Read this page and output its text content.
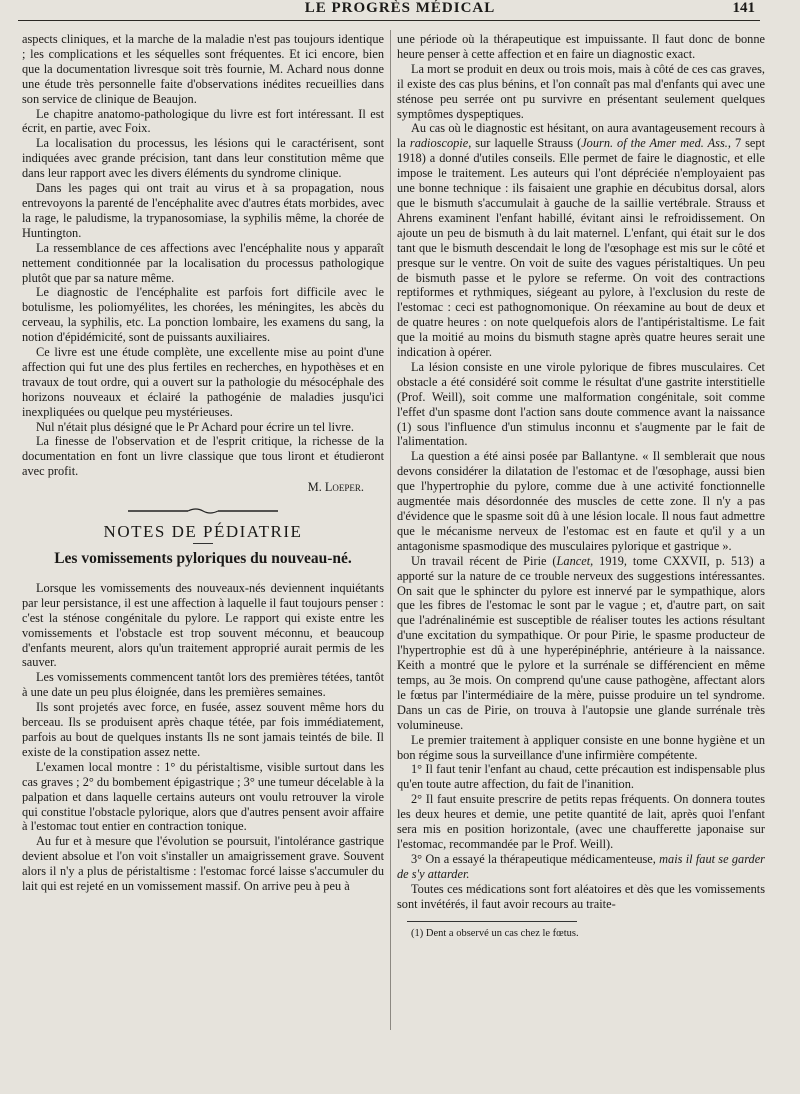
LE PROGRÈS MÉDICAL	141

aspects cliniques, et la marche de la maladie n'est pas toujours identique ; les complications et les séquelles sont fréquentes. Et ici encore, bien que la documentation livresque soit très fournie, M. Achard nous donne une étude très personnelle faite d'observations inédites recueillies dans son service de clinique de Beaujon.

Le chapitre anatomo-pathologique du livre est fort intéressant. Il est écrit, en partie, avec Foix.

La localisation du processus, les lésions qui le caractérisent, sont indiquées avec grande précision, tant dans leur constitution même que dans leur rapport avec les divers éléments du syndrome clinique.

Dans les pages qui ont trait au virus et à sa propagation, nous entrevoyons la parenté de l'encéphalite avec d'autres états morbides, avec la rage, le paludisme, la trypanosomiase, la syphilis même, la chorée de Huntington.

La ressemblance de ces affections avec l'encéphalite nous y apparaît nettement conditionnée par la localisation du processus pathologique plutôt que par sa nature même.

Le diagnostic de l'encéphalite est parfois fort difficile avec le botulisme, les poliomyélites, les chorées, les méningites, les abcès du cerveau, la syphilis, etc. La ponction lombaire, les examens du sang, la notion d'épidémicité, sont de puissants auxiliaires.

Ce livre est une étude complète, une excellente mise au point d'une affection qui fut une des plus fertiles en recherches, en hypothèses et en travaux de tout ordre, qui a ouvert sur la pathologie du mésocéphale des horizons nouveaux et éclairé la pathogénie de maladies jusqu'ici inexpliquées ou quelque peu mystérieuses.

Nul n'était plus désigné que le Pr Achard pour écrire un tel livre.

La finesse de l'observation et de l'esprit critique, la richesse de la documentation en font un livre classique que tous liront et étudieront avec profit.

M. Loeper.
NOTES DE PÉDIATRIE
Les vomissements pyloriques du nouveau-né.

Lorsque les vomissements des nouveaux-nés deviennent inquiétants par leur persistance, il est une affection à laquelle il faut toujours penser : c'est la sténose congénitale du pylore. Le rapport qui existe entre les vomissements et l'obstacle est trop souvent méconnu, et beaucoup d'enfants meurent, alors qu'un traitement approprié aurait permis de les sauver.

Les vomissements commencent tantôt lors des premières tétées, tantôt à une date un peu plus éloignée, dans les premières semaines.

Ils sont projetés avec force, en fusée, assez souvent même hors du berceau. Ils se produisent après chaque tétée, par fois immédiatement, parfois au bout de quelques instants Ils ne sont jamais teintés de bile. Il existe de la constipation assez nette.

L'examen local montre : 1° du péristaltisme, visible surtout dans les cas graves ; 2° du bombement épigastrique ; 3° une tumeur décelable à la palpation et dans laquelle certains auteurs ont voulu retrouver la virole qui constitue l'obstacle pylorique, alors que d'autres pensent avoir affaire à l'estomac tout entier en contraction tonique.

Au fur et à mesure que l'évolution se poursuit, l'intolérance gastrique devient absolue et l'on voit s'installer un amaigrissement grave. Souvent alors il n'y a plus de péristaltisme : l'estomac forcé laisse s'accumuler du lait qui est rejeté en un vomissement massif. On arrive peu à peu à

une période où la thérapeutique est impuissante. Il faut donc de bonne heure penser à cette affection et en faire un diagnostic exact.

La mort se produit en deux ou trois mois, mais à côté de ces cas graves, il existe des cas plus bénins, et l'on connaît pas mal d'enfants qui avec une sténose peu serrée ont pu survivre en présentant seulement quelques symptômes dyspeptiques.

Au cas où le diagnostic est hésitant, on aura avantageusement recours à la radioscopie, sur laquelle Strauss (Journ. of the Amer med. Ass., 7 sept 1918) a donné d'utiles conseils. Elle permet de faire le diagnostic, et elle impose le traitement. Les auteurs qui l'ont dépréciée n'employaient pas une bonne technique : ils faisaient une graphie en décubitus dorsal, alors que le bismuth s'accumulait à gauche de la saillie vertébrale. Strauss et Ahrens examinent l'enfant habillé, évitant ainsi le refroidissement. On ajoute un peu de bismuth à du lait maternel. L'enfant, qui était sur le dos tant que le bismuth descendait le long de l'œsophage est mis sur le côté et presque sur le ventre. On voit de suite des vagues péristaltiques. Un peu de bismuth passe et le pylore se referme. On voit des contractions reptiformes et rythmiques, siégeant au pylore, à l'exclusion du reste de l'estomac : ceci est pathognomonique. On réexamine au bout de deux et de quatre heures : on note quelquefois alors de l'antipéristaltisme. Le fait que la moitié au moins du bismuth stagne après quatre heures serait une indication à opérer.

La lésion consiste en une virole pylorique de fibres musculaires. Cet obstacle a été considéré soit comme le résultat d'une gastrite interstitielle (Prof. Weill), soit comme une malformation congénitale, soit comme l'effet d'un spasme dont l'action sans doute commence avant la naissance (1) sous l'influence d'un stimulus inconnu et s'augmente par le fait de l'alimentation.

La question a été ainsi posée par Ballantyne. « Il semblerait que nous devons considérer la dilatation de l'estomac et de l'œsophage, aussi bien que l'hypertrophie du pylore, comme due à une activité fonctionnelle augmentée mais désordonnée des muscles de cette zone. Il n'y a pas d'évidence que le spasme soit dû à une lésion locale. Il nous faut admettre que le mécanisme nerveux de l'estomac est en faute et qu'il y a un antagonisme spasmodique des musculaires pylorique et gastrique ».

Un travail récent de Pirie (Lancet, 1919, tome CXXVII, p. 513) a apporté sur la nature de ce trouble nerveux des suggestions intéressantes. On sait que le sphincter du pylore est innervé par le sympathique, alors que les fibres de l'estomac le sont par le vague ; et, d'autre part, on sait que l'adrénalinémie est susceptible de réaliser toutes les actions résultant d'une excitation du sympathique. Or pour Pirie, le spasme producteur de l'hypertrophie est dû à une hyperépinéphrie, antérieure à la naissance. Keith a montré que le pylore et la surrénale se différencient en même temps, au 3e mois. On comprend qu'une cause pathogène, affectant alors le fœtus par l'intermédiaire de la mère, puisse produire un tel syndrome. Dans un cas de Pirie, on trouva à l'autopsie une glande surrénale très volumineuse.

Le premier traitement à appliquer consiste en une bonne hygiène et un bon régime sous la surveillance d'une infirmière compétente.

1° Il faut tenir l'enfant au chaud, cette précaution est indispensable plus qu'en toute autre affection, du fait de l'inanition.

2° Il faut ensuite prescrire de petits repas fréquents. On donnera toutes les deux heures et demie, une petite quantité de lait, après quoi l'enfant sera mis en position horizontale, (avec une chaufferette japonaise sur l'estomac, recommandée par le Prof. Weill).

3° On a essayé la thérapeutique médicamenteuse, mais il faut se garder de s'y attarder.

Toutes ces médications sont fort aléatoires et dès que les vomissements sont invétérés, il faut avoir recours au traite-

(1) Dent a observé un cas chez le fœtus.
